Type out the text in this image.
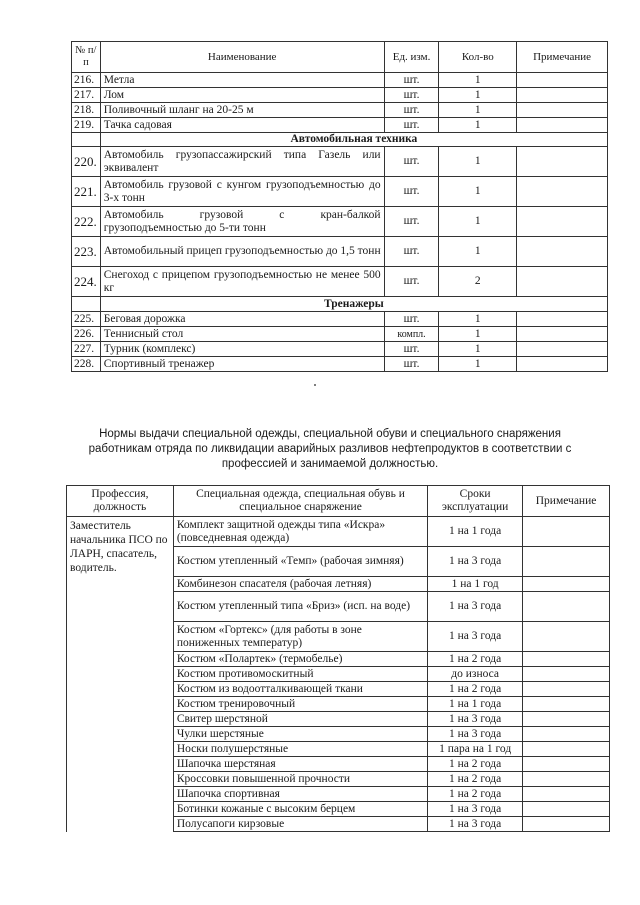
№ п/п	Наименование	Ед. изм.	Кол-во	Примечание
216.	Метла	шт.	1	
217.	Лом	шт.	1	
218.	Поливочный шланг на 20-25 м	шт.	1	
219.	Тачка садовая	шт.	1	
	Автомобильная техника			
220.	Автомобиль грузопассажирский типа Газель или эквивалент	шт.	1	
221.	Автомобиль грузовой с кунгом грузоподъемностью до 3-х тонн	шт.	1	
222.	Автомобиль грузовой с кран-балкой грузоподъемностью до 5-ти тонн	шт.	1	
223.	Автомобильный прицеп грузоподъемностью до 1,5 тонн	шт.	1	
224.	Снегоход с прицепом грузоподъемностью не менее 500 кг	шт.	2	
	Тренажеры			
225.	Беговая дорожка	шт.	1	
226.	Теннисный стол	компл.	1	
227.	Турник (комплекс)	шт.	1	
228.	Спортивный тренажер	шт.	1	
Нормы выдачи специальной одежды, специальной обуви и специального снаряжения работникам отряда по ликвидации аварийных разливов нефтепродуктов в соответствии с профессией и занимаемой должностью.
Профессия, должность	Специальная одежда, специальная обувь и специальное снаряжение	Сроки эксплуатации	Примечание
Заместитель начальника ПСО по ЛАРН, спасатель, водитель.	Комплект защитной одежды типа «Искра» (повседневная одежда)	1 на 1 года	
	Костюм утепленный «Темп» (рабочая зимняя)	1 на 3 года	
	Комбинезон спасателя (рабочая летняя)	1 на 1 год	
	Костюм утепленный типа «Бриз» (исп. на воде)	1 на 3 года	
	Костюм «Гортекс» (для работы в зоне пониженных температур)	1 на 3 года	
	Костюм «Полартек» (термобелье)	1 на 2 года	
	Костюм противомоскитный	до износа	
	Костюм из водоотталкивающей ткани	1 на 2 года	
	Костюм тренировочный	1 на 1 года	
	Свитер шерстяной	1 на 3 года	
	Чулки шерстяные	1 на 3 года	
	Носки полушерстяные	1 пара на 1 год	
	Шапочка шерстяная	1 на 2 года	
	Кроссовки повышенной прочности	1 на 2 года	
	Шапочка спортивная	1 на 2 года	
	Ботинки кожаные с высоким берцем	1 на 3 года	
	Полусапоги кирзовые	1 на 3 года	
